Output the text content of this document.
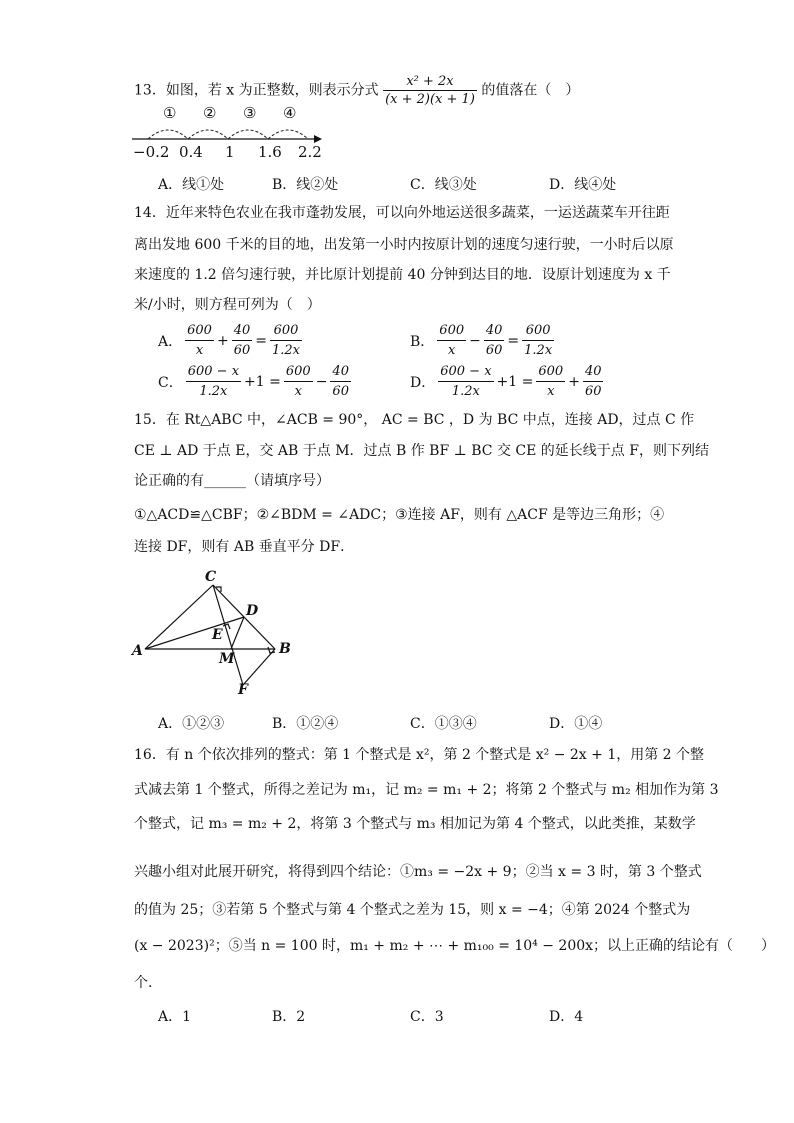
13．如图，若 x 为正整数，则表示分式 $\frac{\text{x² + 2x}}{(x + 2)(x + 1)}$ 的值落在（　）
① ② ③ ④
−0.2 0.4 1 1.6 2.2
A．线①处	B．线②处	C．线③处	D．线④处
14．近年来特色农业在我市蓬勃发展，可以向外地运送很多蔬菜，一运送蔬菜车开往距
离出发地 600 千米的目的地，出发第一小时内按原计划的速度匀速行驶，一小时后以原
来速度的 1.2 倍匀速行驶，并比原计划提前 40 分钟到达目的地．设原计划速度为 x 千
米/小时，则方程可列为（　）
A． $\frac{600}{x} + \frac{40}{60} = \frac{600}{1.2x}$	B． $\frac{600}{x} - \frac{40}{60} = \frac{600}{1.2x}$
C． $\frac{600 - x}{1.2x} +1 = \frac{600}{x} - \frac{40}{60}$	D． $\frac{600 - x}{1.2x} +1 = \frac{600}{x} + \frac{40}{60}$
15．在 Rt△ABC 中，∠ACB = 90°， AC = BC ，D 为 BC 中点，连接 AD，过点 C 作
CE ⊥ AD 于点 E，交 AB 于点 M．过点 B 作 BF ⊥ BC 交 CE 的延长线于点 F，则下列结
论正确的有______（请填序号）
①△ACD≌△CBF；②∠BDM = ∠ADC；③连接 AF，则有 △ACF 是等边三角形；④
连接 DF，则有 AB 垂直平分 DF．
C
D
E
A	M
B
F
A．①②③	B．①②④	C．①③④	D．①④
16．有 n 个依次排列的整式：第 1 个整式是 x²，第 2 个整式是 x² − 2x + 1，用第 2 个整
式减去第 1 个整式，所得之差记为 m₁，记 m₂ = m₁ + 2；将第 2 个整式与 m₂ 相加作为第 3
个整式，记 m₃ = m₂ + 2，将第 3 个整式与 m₃ 相加记为第 4 个整式，以此类推，某数学
兴趣小组对此展开研究，将得到四个结论：①m₃ = −2x + 9；②当 x = 3 时，第 3 个整式
的值为 25；③若第 5 个整式与第 4 个整式之差为 15，则 x = −4；④第 2024 个整式为
(x − 2023)²；⑤当 n = 100 时，m₁ + m₂ + ⋯ + m₁₀₀ = 10⁴ − 200x；以上正确的结论有（　　）
个.
A．1	B．2	C．3	D．4
